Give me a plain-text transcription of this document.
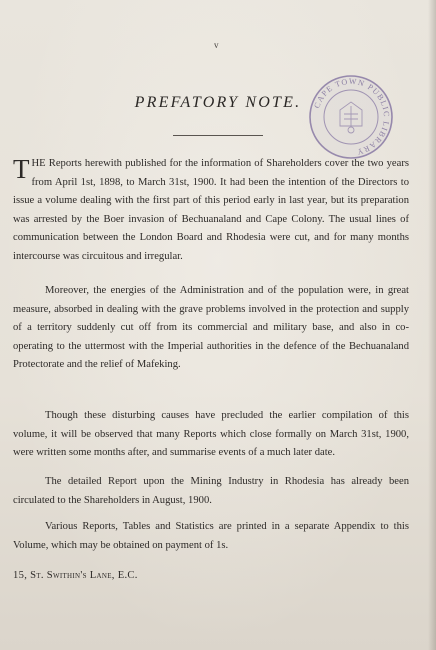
v
PREFATORY NOTE.	CAPE TOWN PUBLIC LIBRARY
THE Reports herewith published for the information of Shareholders cover the two years from April 1st, 1898, to March 31st, 1900. It had been the intention of the Directors to issue a volume dealing with the first part of this period early in last year, but its preparation was arrested by the Boer invasion of Bechuanaland and Cape Colony. The usual lines of communication between the London Board and Rhodesia were cut, and for many months intercourse was circuitous and irregular.
Moreover, the energies of the Administration and of the population were, in great measure, absorbed in dealing with the grave problems involved in the protection and supply of a territory suddenly cut off from its commercial and military base, and also in co-operating to the uttermost with the Imperial authorities in the defence of the Bechuanaland Protectorate and the relief of Mafeking.
Though these disturbing causes have precluded the earlier compilation of this volume, it will be observed that many Reports which close formally on March 31st, 1900, were written some months after, and summarise events of a much later date.
The detailed Report upon the Mining Industry in Rhodesia has already been circulated to the Shareholders in August, 1900.
Various Reports, Tables and Statistics are printed in a separate Appendix to this Volume, which may be obtained on payment of 1s.
15, St. Swithin's Lane, E.C.
